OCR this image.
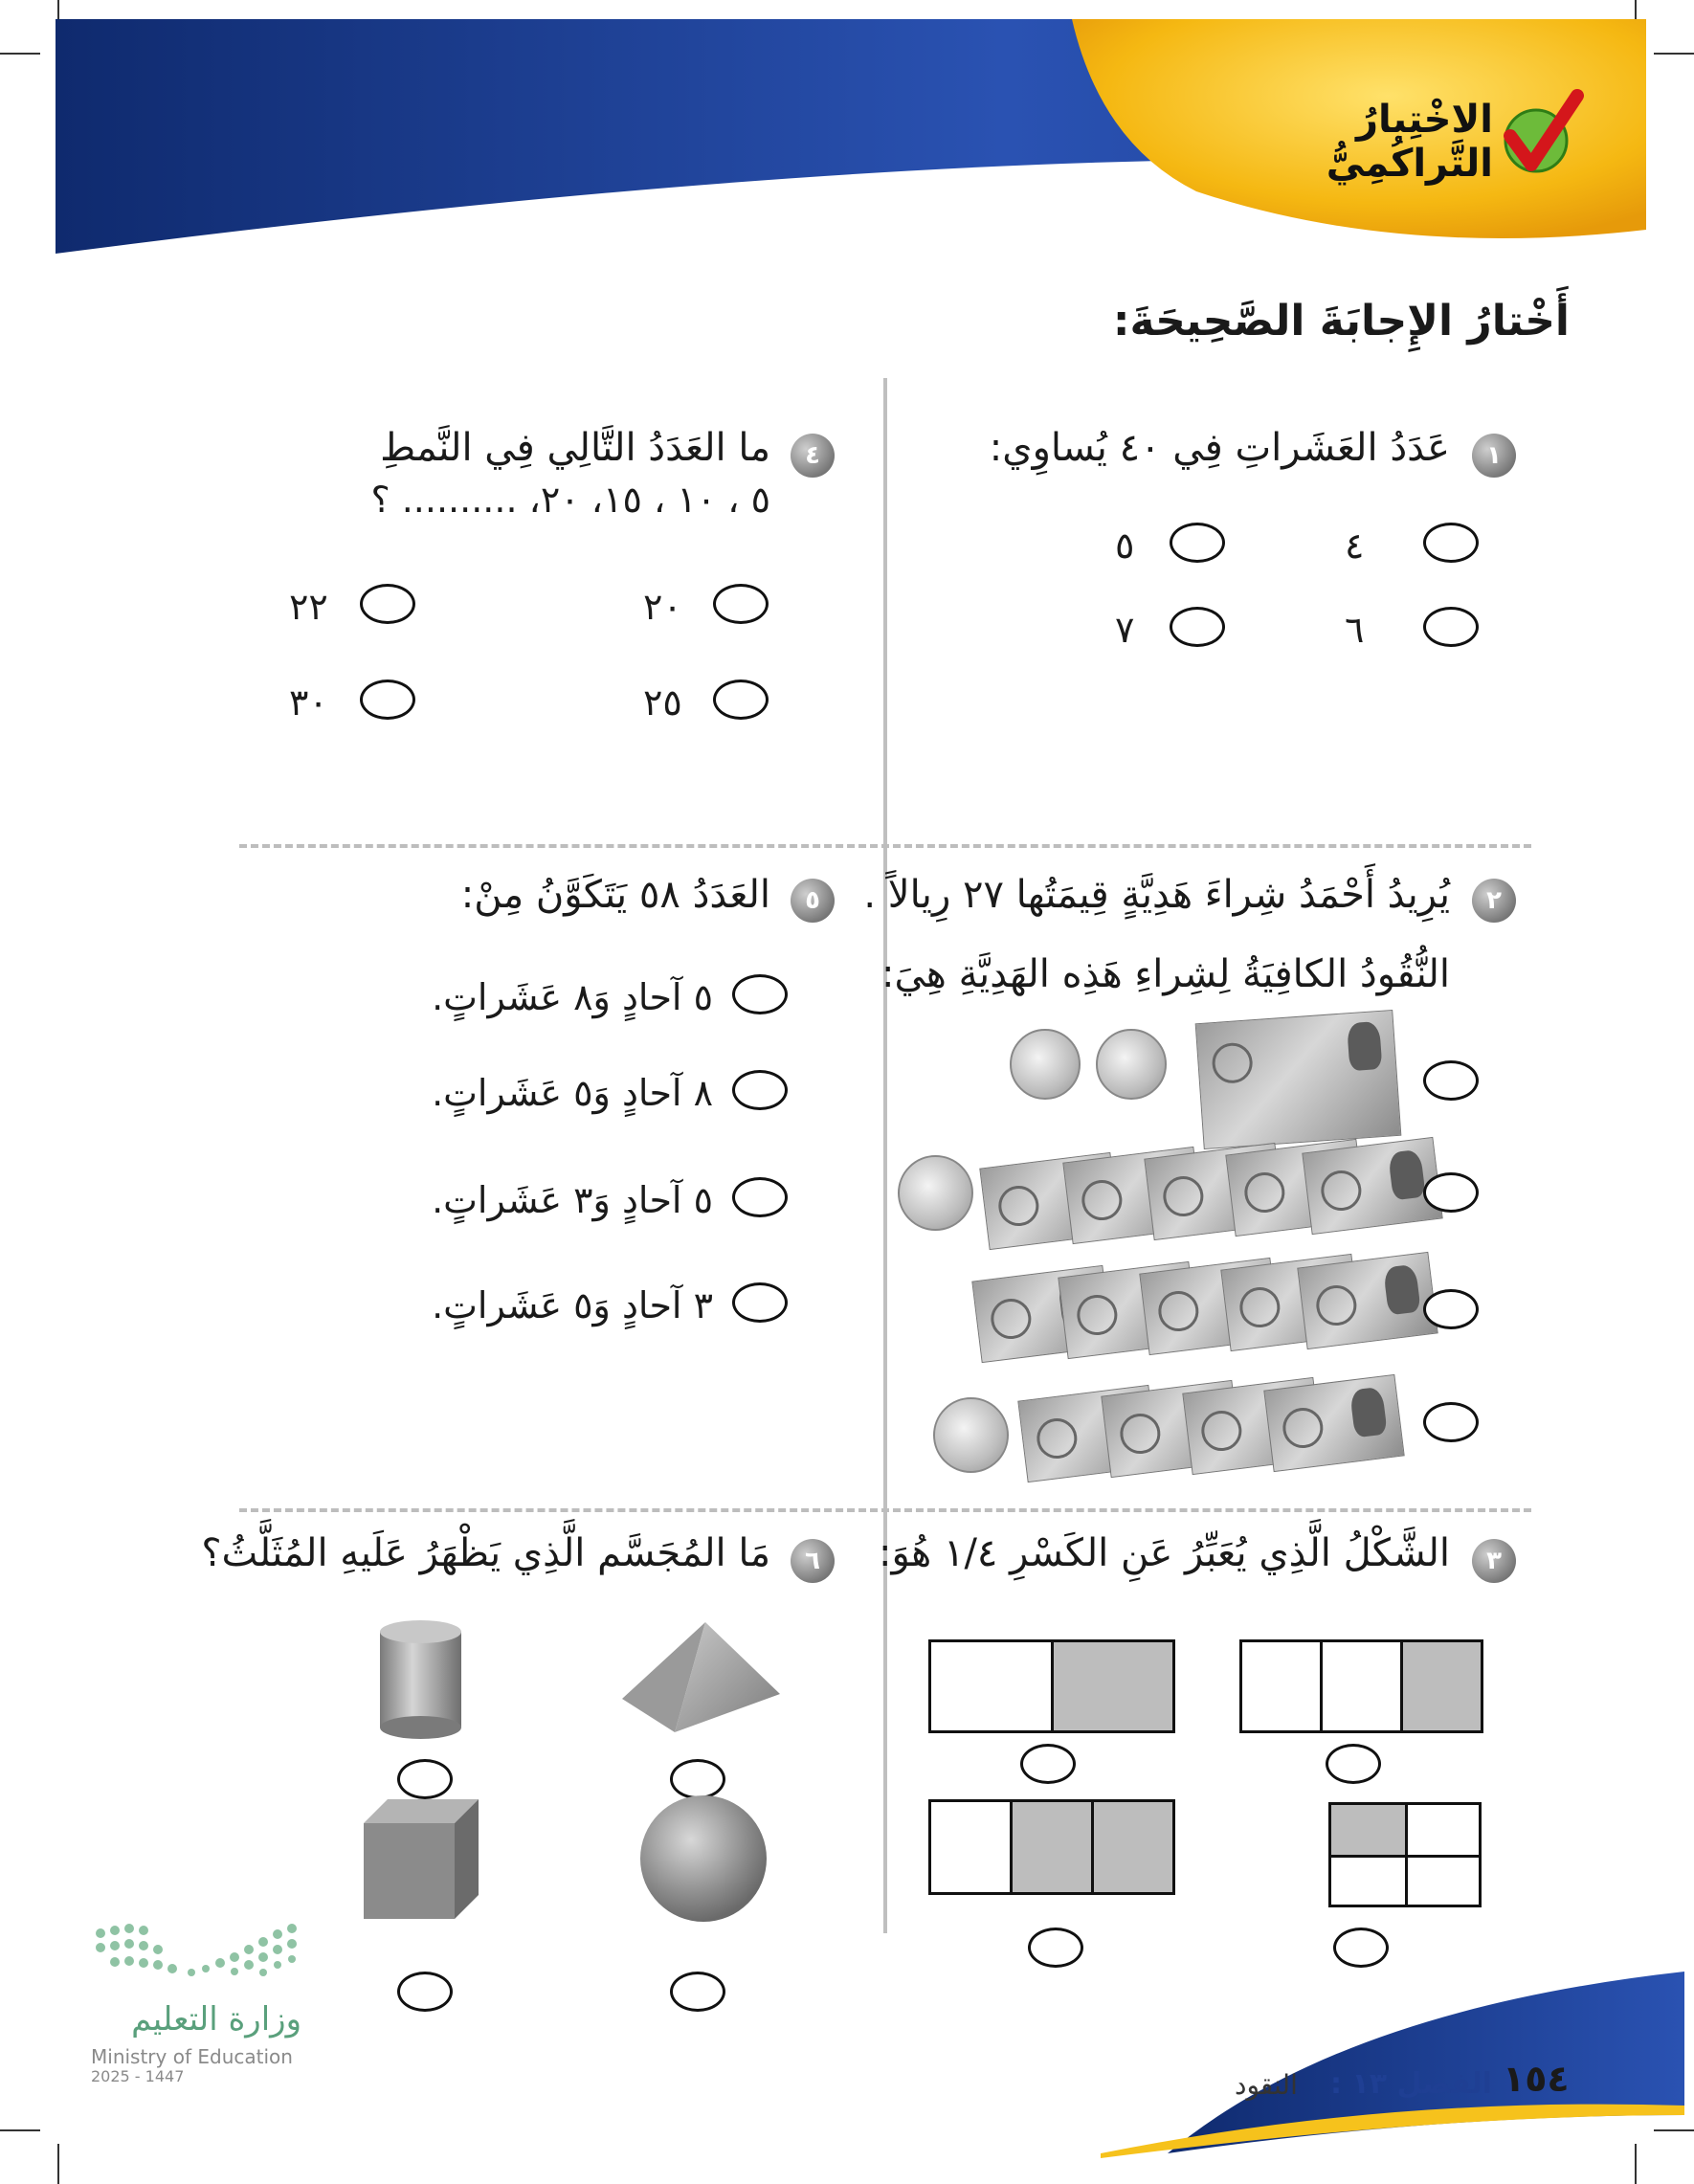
الاخْتِبارُ التَّراكُمِيُّ
أَخْتارُ الإِجابَةَ الصَّحِيحَةَ:
١
عَدَدُ العَشَراتِ فِي ٤٠ يُساوِي:
٤
٥
٦
٧
٤
ما العَدَدُ التَّالِي فِي النَّمطِ
٥ ، ١٠ ، ١٥، ٢٠، .......... ؟
٢٠
٢٢
٢٥
٣٠
٢
يُرِيدُ أَحْمَدُ شِراءَ هَدِيَّةٍ قِيمَتُها ٢٧ رِيالاً .
النُّقُودُ الكافِيَةُ لِشِراءِ هَذِه الهَدِيَّةِ هِيَ:
٥
العَدَدُ ٥٨ يَتَكَوَّنُ مِنْ:
٥ آحادٍ وَ٨ عَشَراتٍ.
٨ آحادٍ وَ٥ عَشَراتٍ.
٥ آحادٍ وَ٣ عَشَراتٍ.
٣ آحادٍ وَ٥ عَشَراتٍ.
٣
الشَّكْلُ الَّذِي يُعَبِّرُ عَنِ الكَسْرِ ١/٤ هُوَ:
٦
مَا المُجَسَّم الَّذِي يَظْهَرُ عَلَيهِ المُثَلَّثُ؟
وزارة التعليم
Ministry of Education
2025 - 1447	١٥٤
الفصل ١٣ :
النقود
